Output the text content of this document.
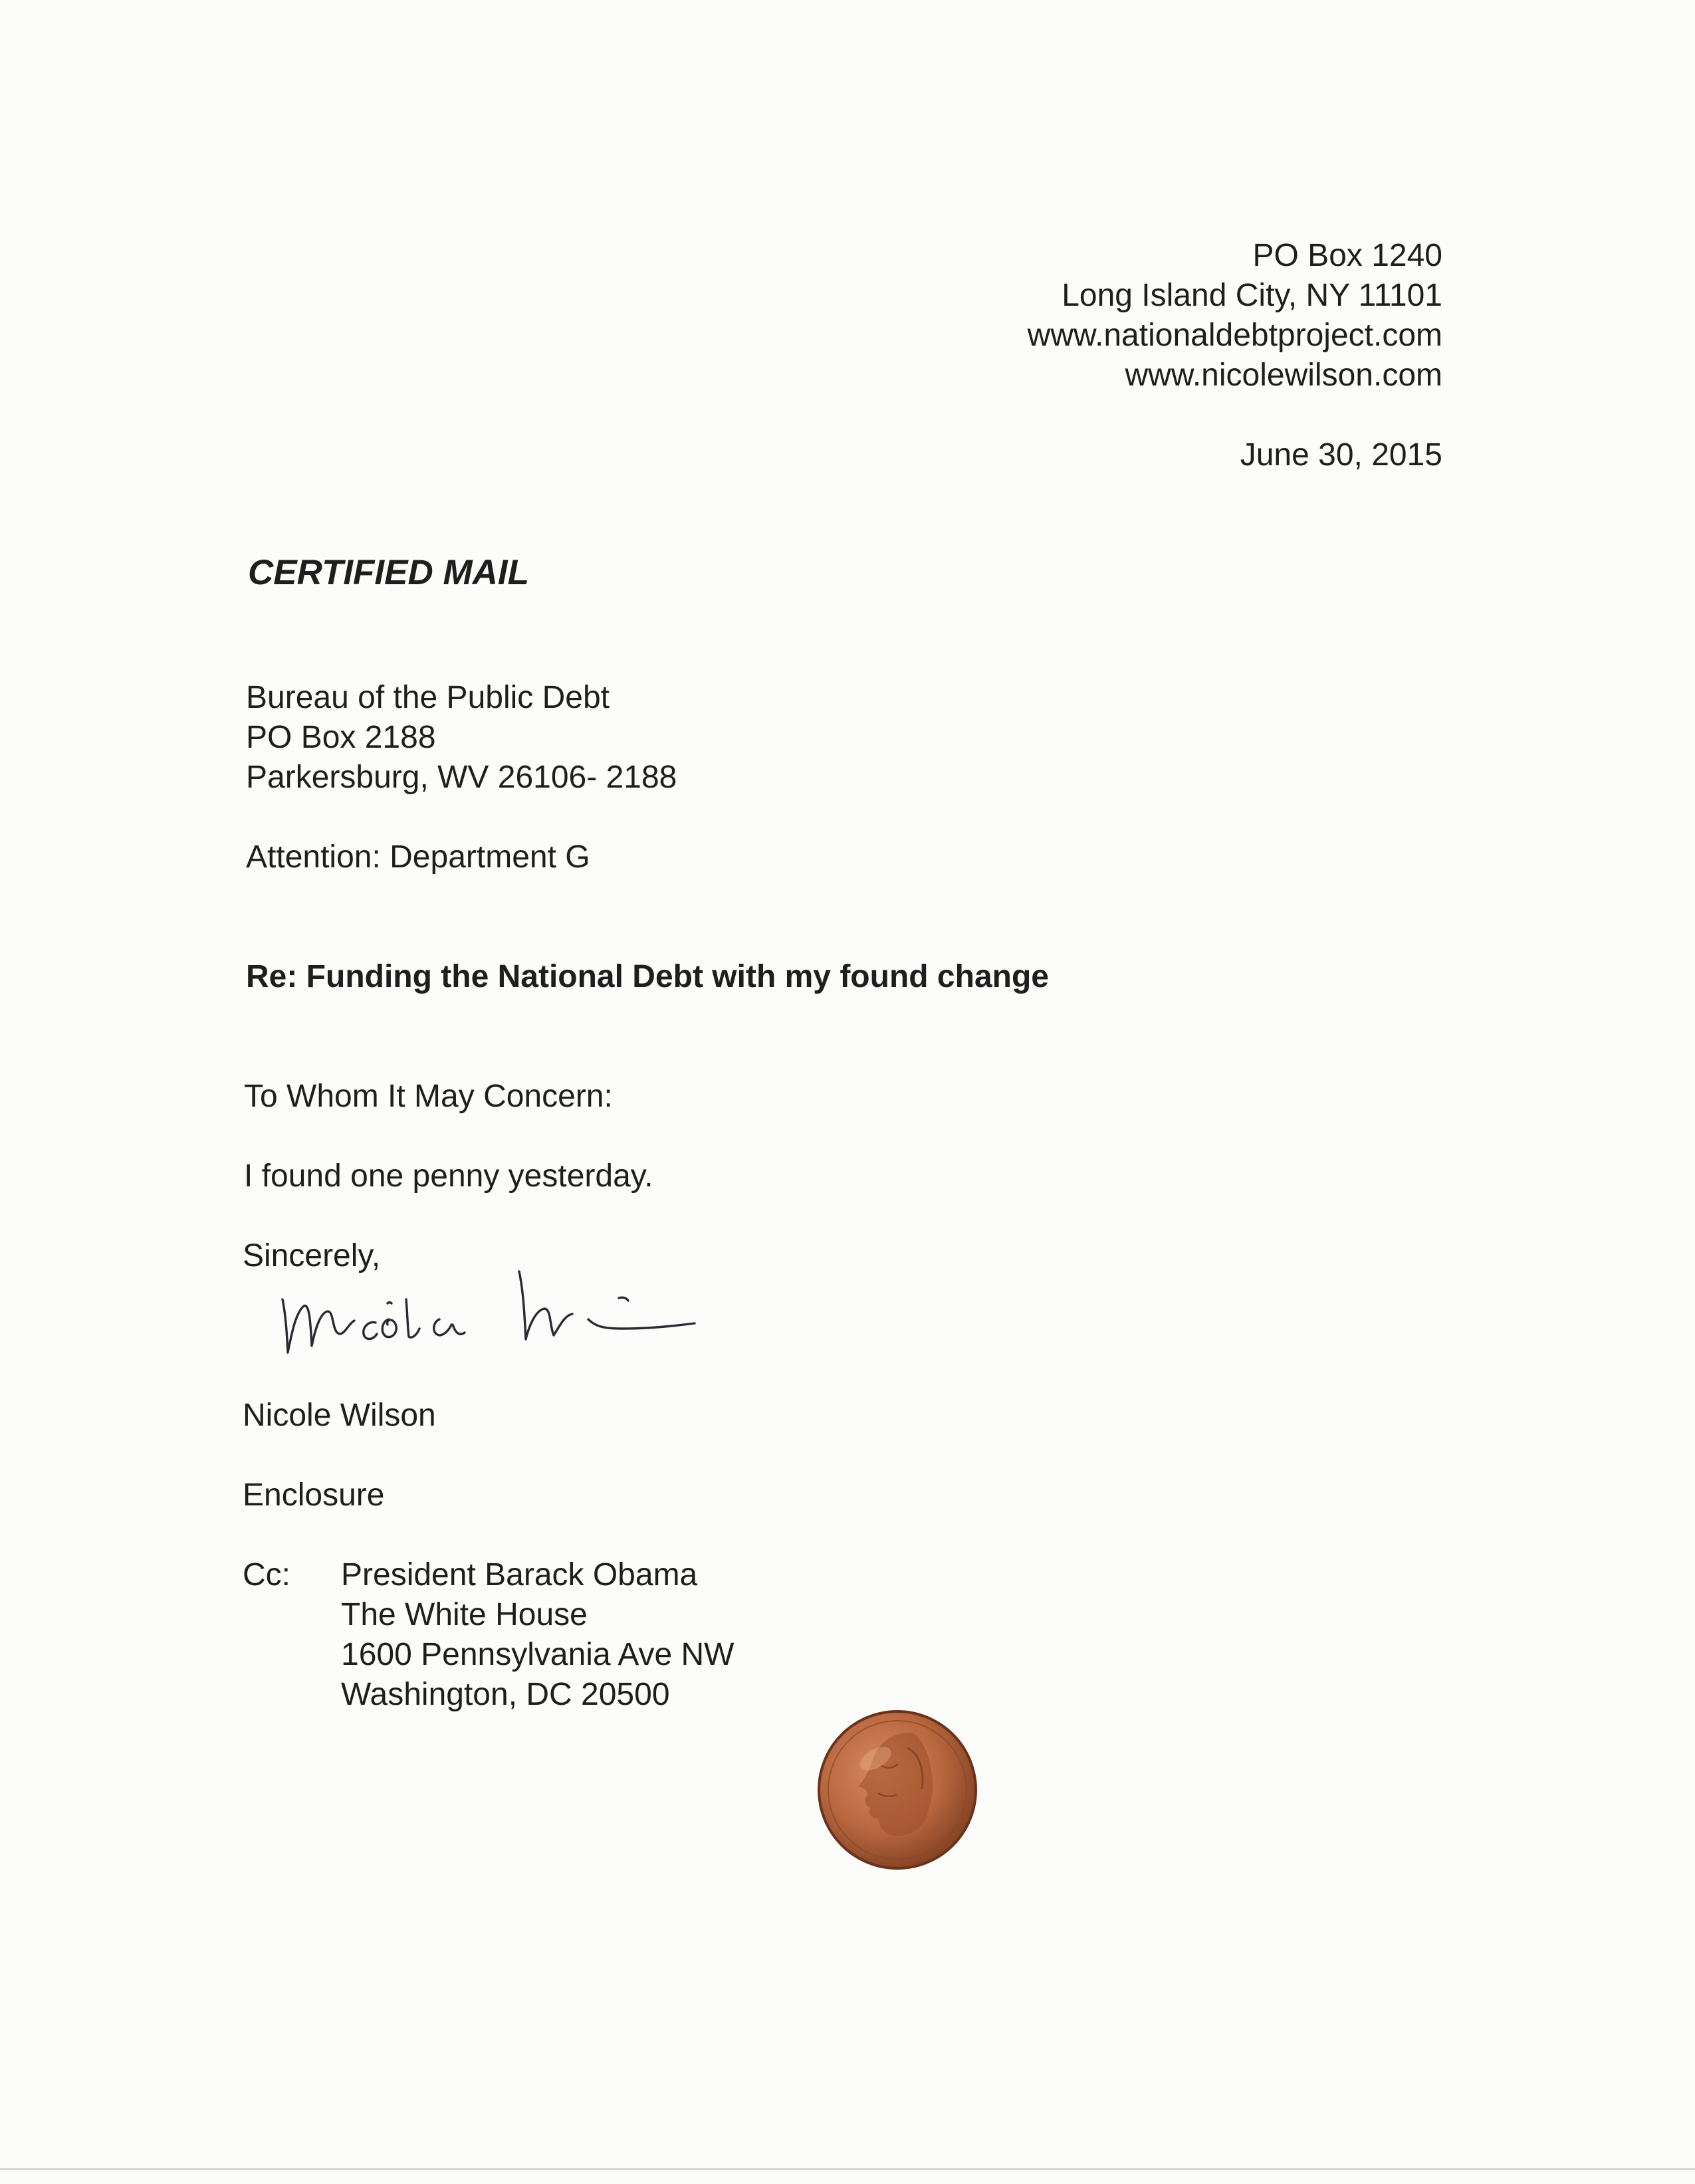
PO Box 1240

Long Island City, NY 11101

www.nationaldebtproject.com

www.nicolewilson.com

June 30, 2015

CERTIFIED MAIL

Bureau of the Public Debt

PO Box 2188

Parkersburg, WV 26106- 2188

Attention: Department G

Re: Funding the National Debt with my found change

To Whom It May Concern:

I found one penny yesterday.

Sincerely,

Nicole Wilson

Enclosure

Cc: President Barack Obama

The White House

1600 Pennsylvania Ave NW

Washington, DC 20500
